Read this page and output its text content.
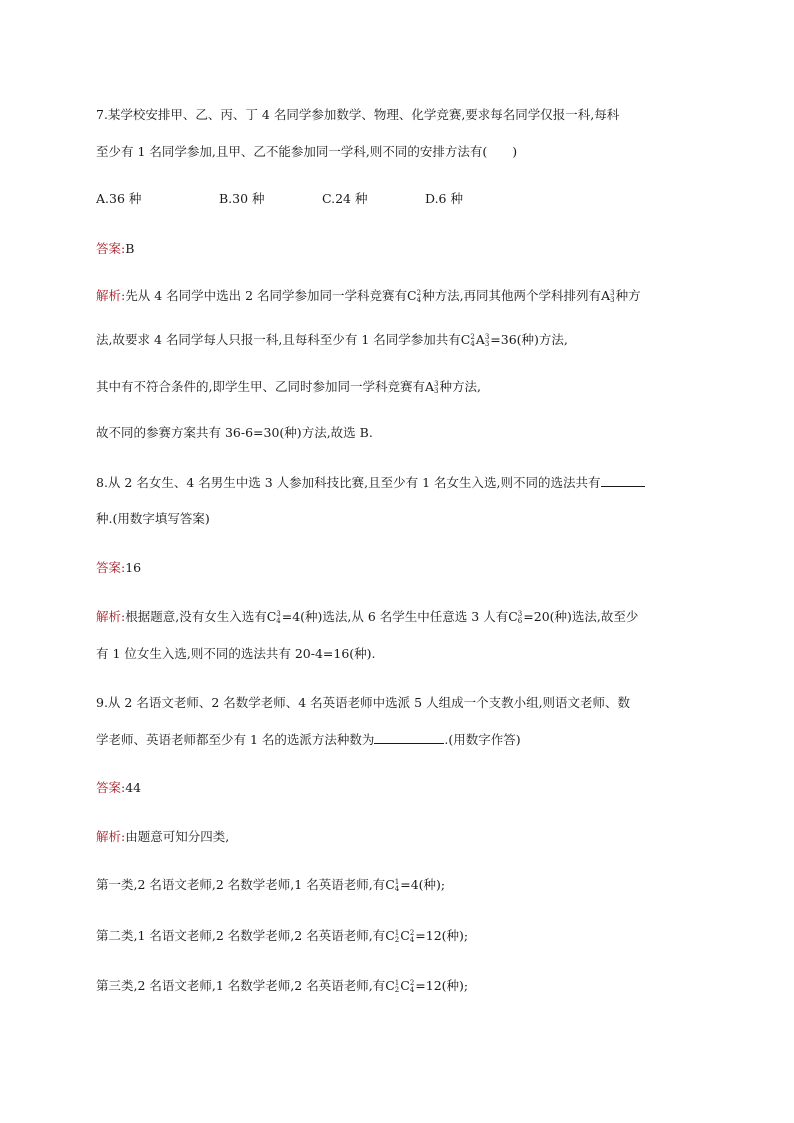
7.某学校安排甲、乙、丙、丁 4 名同学参加数学、物理、化学竞赛,要求每名同学仅报一科,每科
至少有 1 名同学参加,且甲、乙不能参加同一学科,则不同的安排方法有(　　)
A.36 种	B.30 种	C.24 种	D.6 种
答案:B
解析:先从 4 名同学中选出 2 名同学参加同一学科竞赛有C 2
4 种方法,再同其他两个学科排列有A 3
3 种方
法,故要求 4 名同学每人只报一科,且每科至少有 1 名同学参加共有C 2
4 A 3
3 =36(种)方法,
其中有不符合条件的,即学生甲、乙同时参加同一学科竞赛有A 3
3 种方法,
故不同的参赛方案共有 36-6=30(种)方法,故选 B.
8.从 2 名女生、4 名男生中选 3 人参加科技比赛,且至少有 1 名女生入选,则不同的选法共有
种.(用数字填写答案)
答案:16
解析:根据题意,没有女生入选有C 3
4 =4(种)选法,从 6 名学生中任意选 3 人有C 3
6 =20(种)选法,故至少
有 1 位女生入选,则不同的选法共有 20-4=16(种).
9.从 2 名语文老师、2 名数学老师、4 名英语老师中选派 5 人组成一个支教小组,则语文老师、数
学老师、英语老师都至少有 1 名的选派方法种数为	.(用数字作答)
答案:44
解析:由题意可知分四类,
第一类,2 名语文老师,2 名数学老师,1 名英语老师,有C 1
4 =4(种);
第二类,1 名语文老师,2 名数学老师,2 名英语老师,有C 1
2 C 2
4 =12(种);
第三类,2 名语文老师,1 名数学老师,2 名英语老师,有C 1
2 C 2
4 =12(种);
